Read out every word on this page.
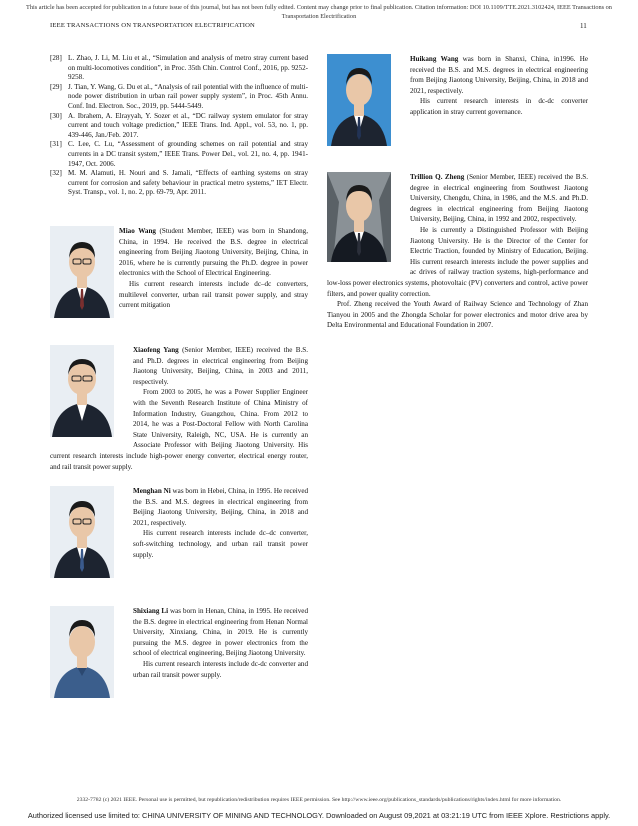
This article has been accepted for publication in a future issue of this journal, but has not been fully edited. Content may change prior to final publication. Citation information: DOI 10.1109/TTE.2021.3102424, IEEE Transactions on Transportation Electrification
IEEE TRANSACTIONS ON TRANSPORTATION ELECTRIFICATION	11
[28] L. Zhao, J. Li, M. Liu et al., “Simulation and analysis of metro stray current based on multi-locomotives condition”, in Proc. 35th Chin. Control Conf., 2016, pp. 9252-9258.
[29] J. Tian, Y. Wang, G. Du et al., “Analysis of rail potential with the influence of multi-node power distribution in urban rail power supply system”, in Proc. 45th Annu. Conf. Ind. Electron. Soc., 2019, pp. 5444-5449.
[30] A. Ibrahem, A. Elrayyah, Y. Sozer et al., “DC railway system emulator for stray current and touch voltage prediction,” IEEE Trans. Ind. Appl., vol. 53, no. 1, pp. 439-446, Jan./Feb. 2017.
[31] C. Lee, C. Lu, “Assessment of grounding schemes on rail potential and stray currents in a DC transit system,” IEEE Trans. Power Del., vol. 21, no. 4, pp. 1941-1947, Oct. 2006.
[32] M. M. Alamuti, H. Nouri and S. Jamali, “Effects of earthing systems on stray current for corrosion and safety behaviour in practical metro systems,” IET Electr. Syst. Transp., vol. 1, no. 2, pp. 69-79, Apr. 2011.

Miao Wang (Student Member, IEEE) was born in Shandong, China, in 1994. He received the B.S. degree in electrical engineering from Beijing Jiaotong University, Beijing, China, in 2016, where he is currently pursuing the Ph.D. degree in power electronics with the School of Electrical Engineering.

His current research interests include dc–dc converters, multilevel converter, urban rail transit power supply, and stray current mitigation

Xiaofeng Yang (Senior Member, IEEE) received the B.S. and Ph.D. degrees in electrical engineering from Beijing Jiaotong University, Beijing, China, in 2003 and 2011, respectively.

From 2003 to 2005, he was a Power Supplier Engineer with the Seventh Research Institute of China Ministry of Information Industry, Guangzhou, China. From 2012 to 2014, he was a Post-Doctoral Fellow with North Carolina State University, Raleigh, NC, USA. He is currently an Associate Professor with Beijing Jiaotong University. His current research interests include high-power energy converter, electrical energy router, and rail transit power supply.

Menghan Ni was born in Hebei, China, in 1995. He received the B.S. and M.S. degrees in electrical engineering from Beijing Jiaotong University, Beijing, China, in 2018 and 2021, respectively.

His current research interests include dc–dc converter, soft-switching technology, and urban rail transit power supply.

Shixiang Li was born in Henan, China, in 1995. He received the B.S. degree in electrical engineering from Henan Normal University, Xinxiang, China, in 2019. He is currently pursuing the M.S. degree in power electronics from the school of electrical engineering, Beijing Jiaotong University.

His current research interests include dc-dc converter and urban rail transit power supply.

Huikang Wang was born in Shanxi, China, in1996. He received the B.S. and M.S. degrees in electrical engineering from Beijing Jiaotong University, Beijing, China, in 2018 and 2021, respectively.

His current research interests in dc-dc converter application in stray current governance.

Trillion Q. Zheng (Senior Member, IEEE) received the B.S. degree in electrical engineering from Southwest Jiaotong University, Chengdu, China, in 1986, and the M.S. and Ph.D. degrees in electrical engineering from Beijing Jiaotong University, Beijing, China, in 1992 and 2002, respectively.

He is currently a Distinguished Professor with Beijing Jiaotong University. He is the Director of the Center for Electric Traction, founded by Ministry of Education, Beijing. His current research interests include the power supplies and ac drives of railway traction systems, high-performance and low-loss power electronics systems, photovoltaic (PV) converters and control, active power filters, and power quality correction.

Prof. Zheng received the Youth Award of Railway Science and Technology of Zhan Tianyou in 2005 and the Zhongda Scholar for power electronics and motor drive area by Delta Environmental and Educational Foundation in 2007.

2332-7782 (c) 2021 IEEE. Personal use is permitted, but republication/redistribution requires IEEE permission. See http://www.ieee.org/publications_standards/publications/rights/index.html for more information.
Authorized licensed use limited to: CHINA UNIVERSITY OF MINING AND TECHNOLOGY. Downloaded on August 09,2021 at 03:21:19 UTC from IEEE Xplore. Restrictions apply.
